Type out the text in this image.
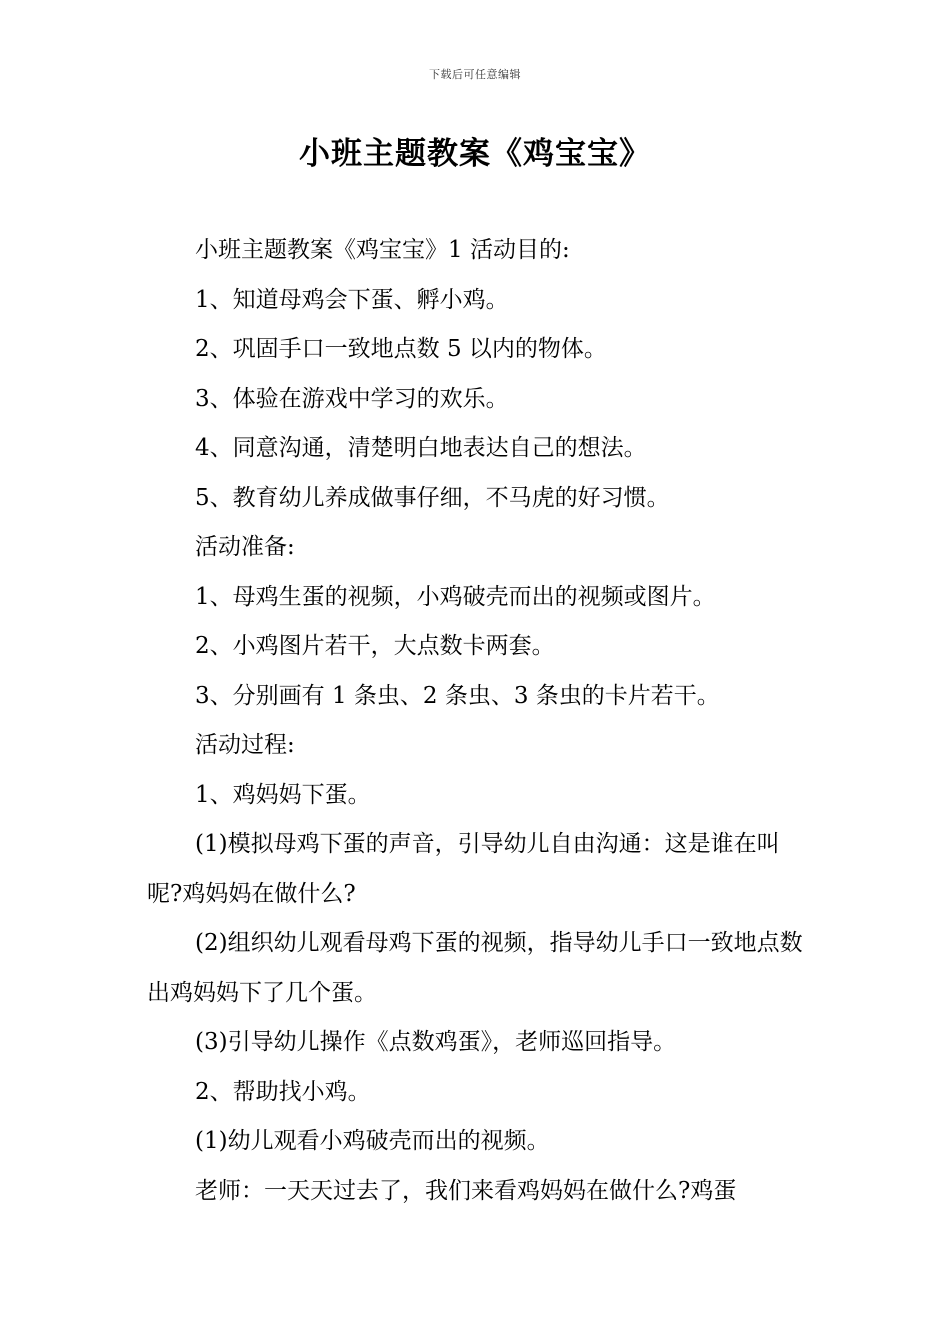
下载后可任意编辑
小班主题教案《鸡宝宝》

小班主题教案《鸡宝宝》1 活动目的:

1、知道母鸡会下蛋、孵小鸡。

2、巩固手口一致地点数 5 以内的物体。

3、体验在游戏中学习的欢乐。

4、同意沟通，清楚明白地表达自己的想法。

5、教育幼儿养成做事仔细，不马虎的好习惯。

活动准备:

1、母鸡生蛋的视频，小鸡破壳而出的视频或图片。

2、小鸡图片若干，大点数卡两套。

3、分别画有 1 条虫、2 条虫、3 条虫的卡片若干。

活动过程:

1、鸡妈妈下蛋。

(1)模拟母鸡下蛋的声音，引导幼儿自由沟通：这是谁在叫呢?鸡妈妈在做什么?

(2)组织幼儿观看母鸡下蛋的视频，指导幼儿手口一致地点数出鸡妈妈下了几个蛋。

(3)引导幼儿操作《点数鸡蛋》，老师巡回指导。

2、帮助找小鸡。

(1)幼儿观看小鸡破壳而出的视频。

老师：一天天过去了，我们来看鸡妈妈在做什么?鸡蛋
